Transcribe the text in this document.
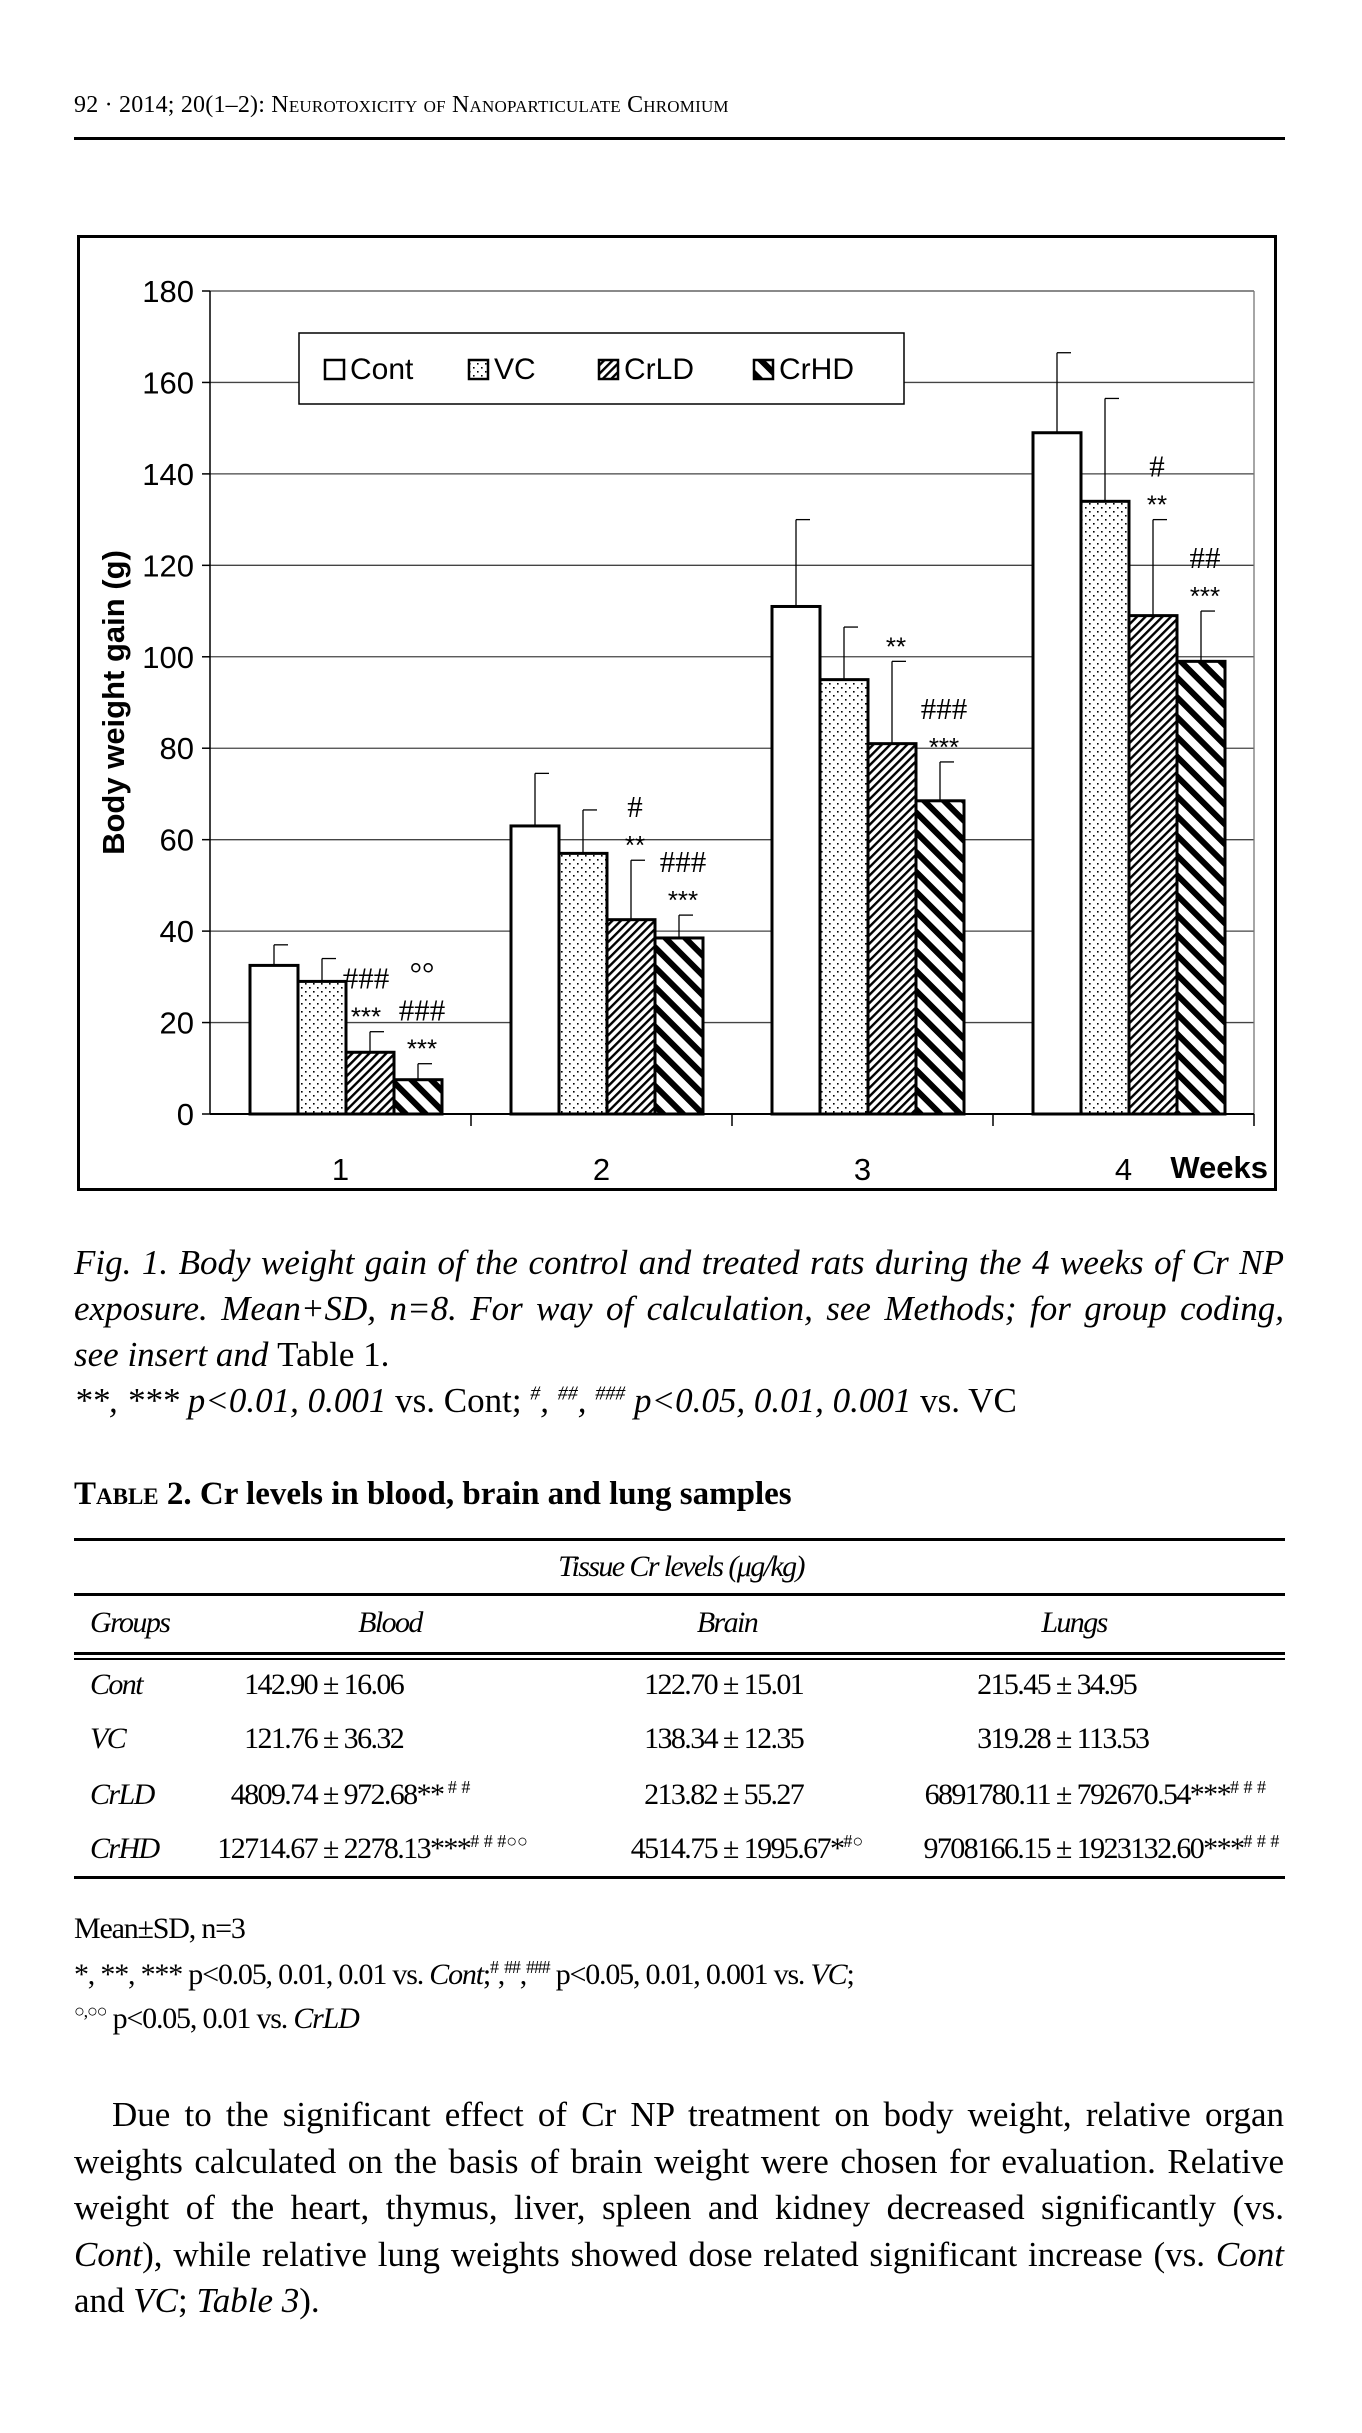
92 · 2014; 20(1–2): Neurotoxicity of Nanoparticulate Chromium
0
20
40
60
80
100
120
140
160
180
1
***
###
***
###
°°
2
**
#
***
###
3
**
***
###
4
**
#
***
##
Body weight gain (g)
Weeks
Cont	VC	CrLD	CrHD
Fig. 1. Body weight gain of the control and treated rats during the 4 weeks of Cr NP exposure. Mean+SD, n=8. For way of calculation, see Methods; for group coding, see insert and Table 1.
**, *** p<0.01, 0.001 vs. Cont; #, ##, ### p<0.05, 0.01, 0.001 vs. VC
Table 2. Cr levels in blood, brain and lung samples
Tissue Cr levels (μg/kg)
Groups	Blood	Brain	Lungs
Cont	142.90 ± 16.06	122.70 ± 15.01	215.45 ± 34.95
VC	121.76 ± 36.32	138.34 ± 12.35	319.28 ± 113.53
CrLD	4809.74 ± 972.68** # #	213.82 ± 55.27	6891780.11 ± 792670.54***# # #
CrHD	12714.67 ± 2278.13***# # #○○	4514.75 ± 1995.67*#○	9708166.15 ± 1923132.60***# # #
Mean±SD, n=3
*, **, *** p<0.05, 0.01, 0.01 vs. Cont;#,##,### p<0.05, 0.01, 0.001 vs. VC;
○,○○ p<0.05, 0.01 vs. CrLD
Due to the significant effect of Cr NP treatment on body weight, relative organ weights calculated on the basis of brain weight were chosen for evaluation. Relative weight of the heart, thymus, liver, spleen and kidney decreased significantly (vs. Cont), while relative lung weights showed dose related significant increase (vs. Cont and VC; Table 3).
